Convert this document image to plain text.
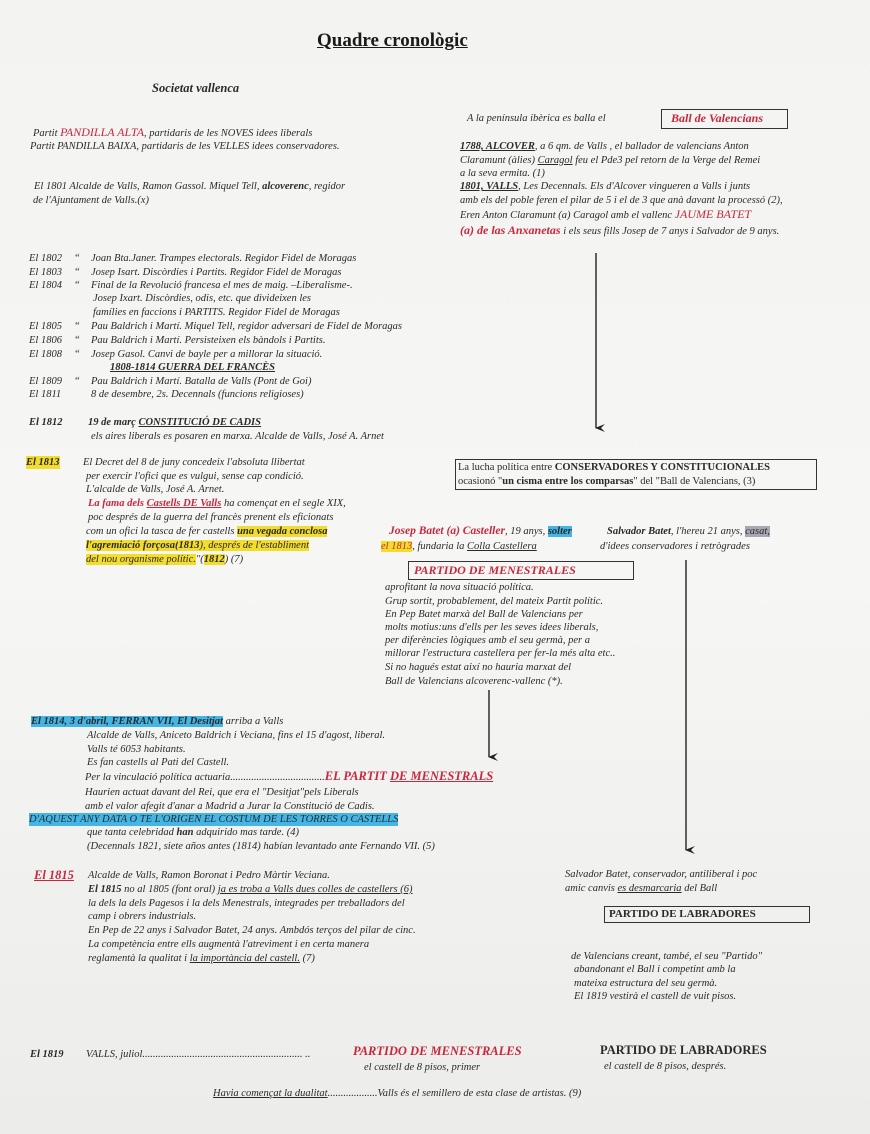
Quadre cronològic
Societat vallenca
A la península ibèrica es balla el	Ball de Valencians
Partit PANDILLA ALTA, partidaris de les NOVES idees liberals
Partit PANDILLA BAIXA, partidaris de les VELLES idees conservadores.
El 1801 Alcalde de Valls, Ramon Gassol. Miquel Tell, alcoverenc, regidor
de l'Ajuntament de Valls.(x)
1788, ALCOVER, a 6 qm. de Valls , el ballador de valencians Anton
Claramunt (àlies) Caragol feu el Pde3 pel retorn de la Verge del Remei
a la seva ermita. (1)
1801, VALLS, Les Decennals. Els d'Alcover vingueren a Valls i junts
amb els del poble feren el pilar de 5 i el de 3 que anà davant la processó (2),
Eren Anton Claramunt (a) Caragol amb el vallenc JAUME BATET
(a) de las Anxanetas i els seus fills Josep de 7 anys i Salvador de 9 anys.
El 1802 “ Joan Bta.Janer. Trampes electorals. Regidor Fidel de Moragas
El 1803 “ Josep Isart. Discòrdies i Partits. Regidor Fidel de Moragas
El 1804 “ Final de la Revolució francesa el mes de maig. –Liberalisme-.
Josep Ixart. Discòrdies, odis, etc. que divideixen les
famílies en faccions i PARTITS. Regidor Fidel de Moragas
El 1805 “ Pau Baldrich i Martí. Miquel Tell, regidor adversari de Fidel de Moragas
El 1806 “ Pau Baldrich i Martí. Persisteixen els bàndols i Partits.
El 1808 “ Josep Gasol. Canvi de bayle per a millorar la situació.
1808-1814 GUERRA DEL FRANCÈS
El 1809 “ Pau Baldrich i Martí. Batalla de Valls (Pont de Goi)
El 1811	8 de desembre, 2s. Decennals (funcions religioses)
El 1812 19 de març CONSTITUCIÓ DE CADIS
els aires liberals es posaren en marxa. Alcalde de Valls, José A. Arnet
El 1813 El Decret del 8 de juny concedeix l'absoluta llibertat
per exercir l'ofici que es vulgui, sense cap condició.
L'alcalde de Valls, José A. Arnet.
La fama dels Castells DE Valls ha començat en el segle XIX,
poc després de la guerra del francès prenent els eficionats
com un ofici la tasca de fer castells una vegada conclosa
l'agremiació forçosa(1813), després de l'establiment
del nou organisme polític."(1812) (7)
La lucha política entre CONSERVADORES Y CONSTITUCIONALES
ocasionó "un cisma entre los comparsas" del "Ball de Valencians, (3)
Josep Batet (a) Casteller, 19 anys, solter
el 1813, fundaria la Colla Castellera
Salvador Batet, l'hereu 21 anys, casat,
d'idees conservadores i retrògrades
PARTIDO DE MENESTRALES
aprofitant la nova situació política.
Grup sortit, probablement, del mateix Partit polític.
En Pep Batet marxà del Ball de Valencians per
molts motius:uns d'ells per les seves idees liberals,
per diferències lògiques amb el seu germà, per a
millorar l'estructura castellera per fer-la més alta etc..
Si no hagués estat així no hauria marxat del
Ball de Valencians alcoverenc-vallenc (*).
El 1814, 3 d'abril, FERRAN VII, El Desitjat arriba a Valls
Alcalde de Valls, Aniceto Baldrich i Veciana, fins el 15 d'agost, liberal.
Valls té 6053 habitants.
Es fan castells al Pati del Castell.
Per la vinculació política actuaria....................................EL PARTIT DE MENESTRALS
Haurien actuat davant del Rei, que era el "Desitjat"pels Liberals
amb el valor afegit d'anar a Madrid a Jurar la Constitució de Cadis.
D'AQUEST ANY DATA O TE L'ORIGEN EL COSTUM DE LES TORRES O CASTELLS
que tanta celebridad han adquirido mas tarde. (4)
(Decennals 1821, siete años antes (1814) habían levantado ante Fernando VII. (5)
El 1815 Alcalde de Valls, Ramon Boronat i Pedro Màrtir Veciana.
El 1815 no al 1805 (font oral) ja es troba a Valls dues colles de castellers (6)
la dels la dels Pagesos i la dels Menestrals, integrades per treballadors del
camp i obrers industrials.
En Pep de 22 anys i Salvador Batet, 24 anys. Ambdós terços del pilar de cinc.
La competència entre ells augmentà l'atreviment i en certa manera
reglamentà la qualitat i la importància del castell. (7)
Salvador Batet, conservador, antiliberal i poc
amic canvis es desmarcaria del Ball
PARTIDO DE LABRADORES
de Valencians creant, també, el seu "Partido"
abandonant el Ball i competint amb la
mateixa estructura del seu germà.
El 1819 vestirà el castell de vuit pisos.
El 1819 VALLS, juliol............................................................. ..	PARTIDO DE MENESTRALES
el castell de 8 pisos, primer
PARTIDO DE LABRADORES
el castell de 8 pisos, després.
Havia començat la dualitat...................Valls és el semillero de esta clase de artistas. (9)
